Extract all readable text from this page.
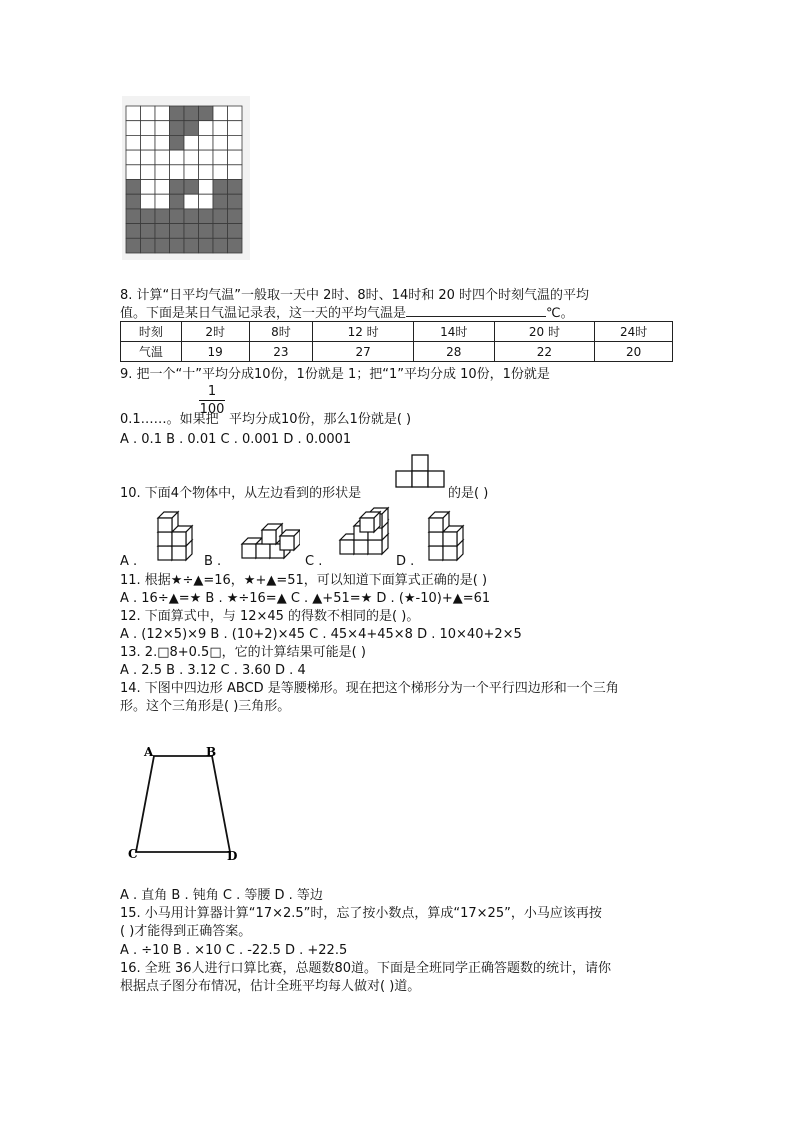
8. 计算“日平均气温”一般取一天中 2时、8时、14时和 20 时四个时刻气温的平均
值。下面是某日气温记录表，这一天的平均气温是	℃。
时刻	2时	8时	12 时	14时	20 时	24时
气温	19	23	27	28	22	20
9. 把一个“十”平均分成10份，1份就是 1；把“1”平均分成 10份，1份就是
1
100
0.1……。如果把 平均分成10份，那么1份就是( )
A . 0.1 B . 0.01 C . 0.001 D . 0.0001
10. 下面4个物体中，从左边看到的形状是	的是( )
A .	B .	C .	D .
11. 根据★÷▲=16，★+▲=51，可以知道下面算式正确的是( )
A . 16÷▲=★ B . ★÷16=▲ C . ▲+51=★ D . (★-10)+▲=61
12. 下面算式中，与 12×45 的得数不相同的是( )。
A . (12×5)×9 B . (10+2)×45 C . 45×4+45×8 D . 10×40+2×5
13. 2.□8+0.5□，它的计算结果可能是( )
A . 2.5 B . 3.12 C . 3.60 D . 4
14. 下图中四边形 ABCD 是等腰梯形。现在把这个梯形分为一个平行四边形和一个三角
形。这个三角形是( )三角形。
A	B
C	D
A . 直角 B . 钝角 C . 等腰 D . 等边
15. 小马用计算器计算“17×2.5”时，忘了按小数点，算成“17×25”，小马应该再按
( )才能得到正确答案。
A . ÷10 B . ×10 C . -22.5 D . +22.5
16. 全班 36人进行口算比赛，总题数80道。下面是全班同学正确答题数的统计，请你
根据点子图分布情况，估计全班平均每人做对( )道。
